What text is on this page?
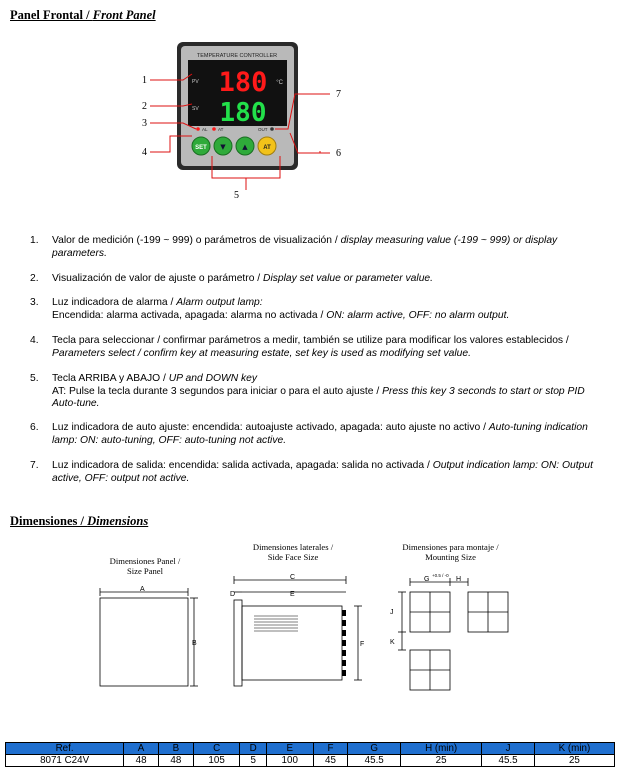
Panel Frontal / Front Panel
TEMPERATURE CONTROLLER
PV
SV
180 °C
180
AL AT	OUT
SET ▼ ▲	AT
1
2
3
4
5
6
7
1.	Valor de medición (-199 ~ 999) o parámetros de visualización / display measuring value (-199 ~ 999) or display parameters.
2.	Visualización de valor de ajuste o parámetro / Display set value or parameter value.
3.	Luz indicadora de alarma / Alarm output lamp:
Encendida: alarma activada, apagada: alarma no activada / ON: alarm active, OFF: no alarm output.
4.	Tecla para seleccionar / confirmar parámetros a medir, también se utilize para modificar los valores establecidos / Parameters select / confirm key at measuring estate, set key is used as modifying set value.
5.	Tecla ARRIBA y ABAJO / UP and DOWN key
AT: Pulse la tecla durante 3 segundos para iniciar o para el auto ajuste / Press this key 3 seconds to start or stop PID Auto-tune.
6.	Luz indicadora de auto ajuste: encendida: autoajuste activado, apagada: auto ajuste no activo / Auto-tuning indication lamp: ON: auto-tuning, OFF: auto-tuning not active.
7.	Luz indicadora de salida: encendida: salida activada, apagada: salida no activada / Output indication lamp: ON: Output active, OFF: output not active.
Dimensiones / Dimensions
Dimensiones Panel /
Size Panel
Dimensiones laterales /
Side Face Size
Dimensiones para montaje /
Mounting Size
A
B
C
D	E
F
G
+0.5 / -0
H
J
K
Ref.	A	B	C	D	E	F	G	H (min)	J	K (min)
8071 C24V	48	48	105	5	100	45	45.5	25	45.5	25
